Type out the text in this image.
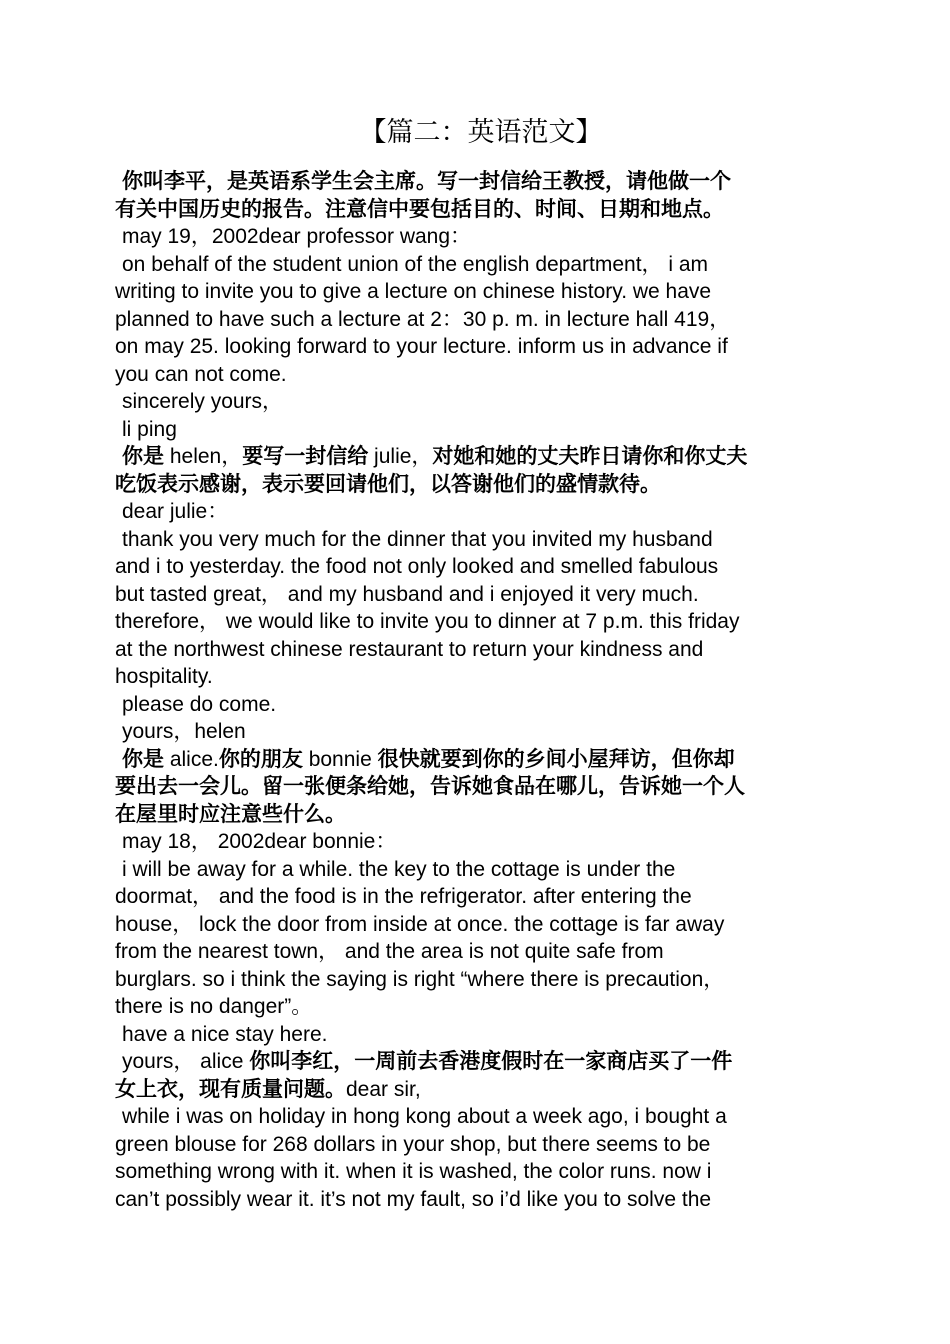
【篇二：英语范文】
你叫李平，是英语系学生会主席。写一封信给王教授，请他做一个
有关中国历史的报告。注意信中要包括目的、时间、日期和地点。
may 19，2002dear professor wang：
on behalf of the student union of the english department， i am
writing to invite you to give a lecture on chinese history. we have
planned to have such a lecture at 2：30 p. m. in lecture hall 419，
on may 25. looking forward to your lecture. inform us in advance if
you can not come.
sincerely yours，
li ping
你是 helen，要写一封信给 julie，对她和她的丈夫昨日请你和你丈夫
吃饭表示感谢，表示要回请他们，以答谢他们的盛情款待。
dear julie：
thank you very much for the dinner that you invited my husband
and i to yesterday. the food not only looked and smelled fabulous
but tasted great， and my husband and i enjoyed it very much.
therefore， we would like to invite you to dinner at 7 p.m. this friday
at the northwest chinese restaurant to return your kindness and
hospitality.
please do come.
yours，helen
你是 alice.你的朋友 bonnie 很快就要到你的乡间小屋拜访，但你却
要出去一会儿。留一张便条给她，告诉她食品在哪儿，告诉她一个人
在屋里时应注意些什么。
may 18， 2002dear bonnie：
i will be away for a while. the key to the cottage is under the
doormat， and the food is in the refrigerator. after entering the
house， lock the door from inside at once. the cottage is far away
from the nearest town， and the area is not quite safe from
burglars. so i think the saying is right “where there is precaution，
there is no danger”。
have a nice stay here.
yours， alice 你叫李红，一周前去香港度假时在一家商店买了一件
女上衣，现有质量问题。dear sir,
while i was on holiday in hong kong about a week ago, i bought a
green blouse for 268 dollars in your shop, but there seems to be
something wrong with it. when it is washed, the color runs. now i
can’t possibly wear it. it’s not my fault, so i’d like you to solve the
